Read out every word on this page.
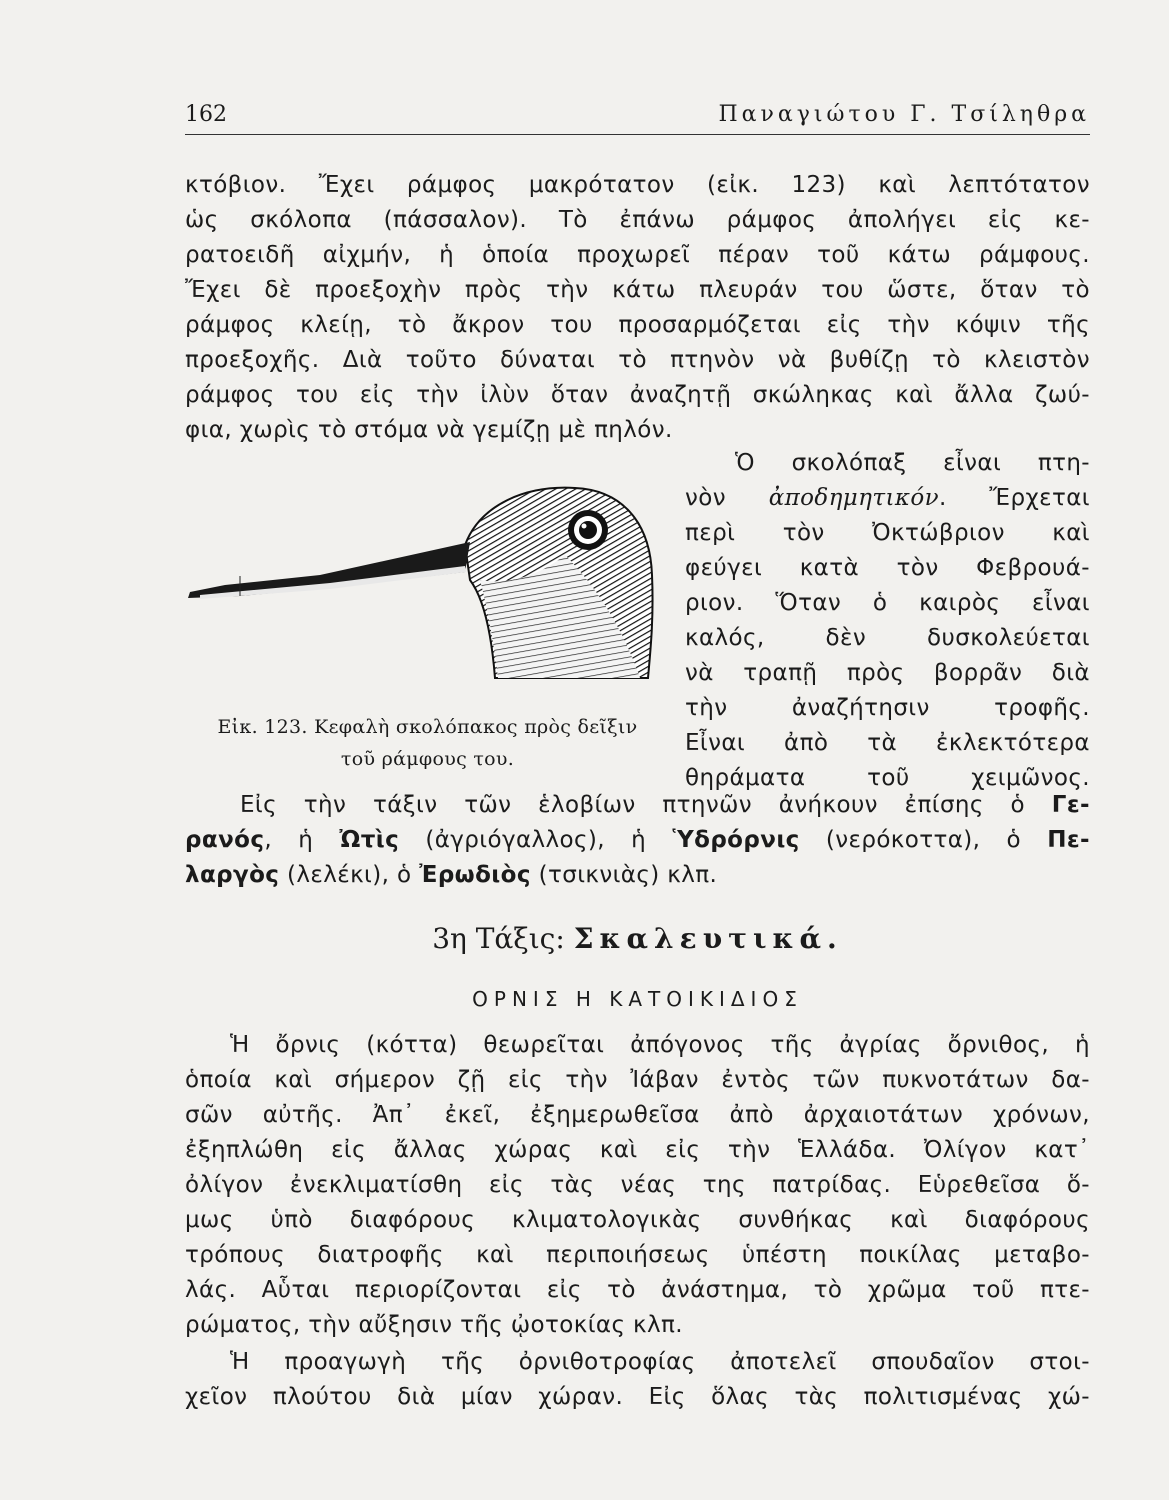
162	Παναγιώτου Γ. Τσίληθρα
κτόβιον. Ἔχει ράμφος μακρότατον (εἰκ. 123) καὶ λεπτότατον
ὡς σκόλοπα (πάσσαλον). Τὸ ἐπάνω ράμφος ἀπολήγει εἰς κε-
ρατοειδῆ αἰχμήν, ἡ ὁποία προχωρεῖ πέραν τοῦ κάτω ράμφους.
Ἔχει δὲ προεξοχὴν πρὸς τὴν κάτω πλευράν του ὥστε, ὅταν τὸ
ράμφος κλείῃ, τὸ ἄκρον του προσαρμόζεται εἰς τὴν κόψιν τῆς
προεξοχῆς. Διὰ τοῦτο δύναται τὸ πτηνὸν νὰ βυθίζῃ τὸ κλειστὸν
ράμφος του εἰς τὴν ἰλὺν ὅταν ἀναζητῇ σκώληκας καὶ ἄλλα ζωύ-
φια, χωρὶς τὸ στόμα νὰ γεμίζῃ μὲ πηλόν.
Ὁ σκολόπαξ εἶναι πτη-
νὸν ἀποδημητικόν. Ἔρχεται
περὶ τὸν Ὀκτώβριον καὶ
φεύγει κατὰ τὸν Φεβρουά-
ριον. Ὅταν ὁ καιρὸς εἶναι
καλός, δὲν δυσκολεύεται
νὰ τραπῇ πρὸς βορρᾶν διὰ
τὴν ἀναζήτησιν τροφῆς.
Εἶναι ἀπὸ τὰ ἐκλεκτότερα
θηράματα τοῦ χειμῶνος.
Εἰκ. 123. Κεφαλὴ σκολόπακος πρὸς δεῖξιν
τοῦ ράμφους του.
Εἰς τὴν τάξιν τῶν ἑλοβίων πτηνῶν ἀνήκουν ἐπίσης ὁ Γε-
ρανός, ἡ Ὠτὶς (ἀγριόγαλλος), ἡ Ὑδρόρνις (νερόκοττα), ὁ Πε-
λαργὸς (λελέκι), ὁ Ἐρωδιὸς (τσικνιὰς) κλπ.
3η Τάξις: Σκαλευτικά.
ΟΡΝΙΣ Η ΚΑΤΟΙΚΙΔΙΟΣ
Ἡ ὄρνις (κόττα) θεωρεῖται ἀπόγονος τῆς ἀγρίας ὄρνιθος, ἡ
ὁποία καὶ σήμερον ζῇ εἰς τὴν Ἰάβαν ἐντὸς τῶν πυκνοτάτων δα-
σῶν αὐτῆς. Ἀπ᾽ ἐκεῖ, ἐξημερωθεῖσα ἀπὸ ἀρχαιοτάτων χρόνων,
ἐξηπλώθη εἰς ἄλλας χώρας καὶ εἰς τὴν Ἑλλάδα. Ὀλίγον κατ᾽
ὀλίγον ἐνεκλιματίσθη εἰς τὰς νέας της πατρίδας. Εὑρεθεῖσα ὅ-
μως ὑπὸ διαφόρους κλιματολογικὰς συνθήκας καὶ διαφόρους
τρόπους διατροφῆς καὶ περιποιήσεως ὑπέστη ποικίλας μεταβο-
λάς. Αὗται περιορίζονται εἰς τὸ ἀνάστημα, τὸ χρῶμα τοῦ πτε-
ρώματος, τὴν αὔξησιν τῆς ᾠοτοκίας κλπ.
Ἡ προαγωγὴ τῆς ὀρνιθοτροφίας ἀποτελεῖ σπουδαῖον στοι-
χεῖον πλούτου διὰ μίαν χώραν. Εἰς ὅλας τὰς πολιτισμένας χώ-
